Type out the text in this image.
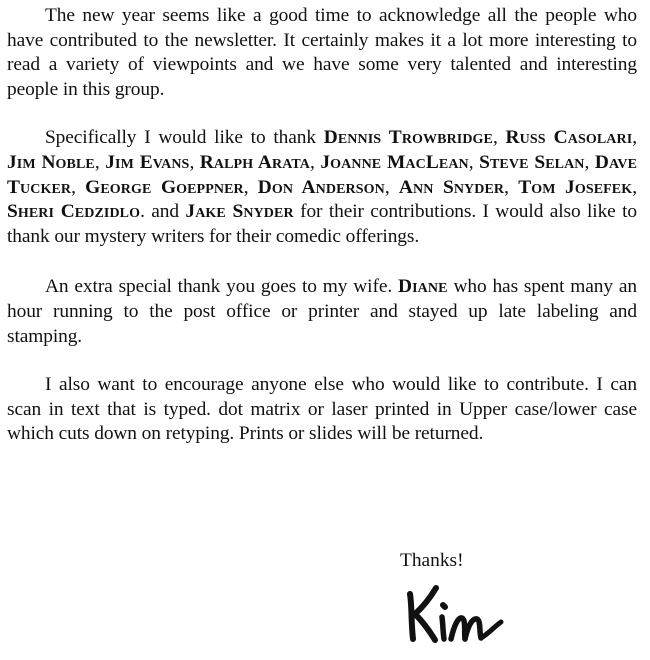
The new year seems like a good time to acknowledge all the people who have contributed to the newsletter. It certainly makes it a lot more interesting to read a variety of viewpoints and we have some very talented and interesting people in this group.

Specifically I would like to thank Dennis Trowbridge, Russ Casolari, Jim Noble, Jim Evans, Ralph Arata, Joanne MacLean, Steve Selan, Dave Tucker, George Goeppner, Don Anderson, Ann Snyder, Tom Josefek, Sheri Cedzidlo. and Jake Snyder for their contributions. I would also like to thank our mystery writers for their comedic offerings.

An extra special thank you goes to my wife. Diane who has spent many an hour running to the post office or printer and stayed up late labeling and stamping.

I also want to encourage anyone else who would like to contribute. I can scan in text that is typed. dot matrix or laser printed in Upper case/lower case which cuts down on retyping. Prints or slides will be returned.

Thanks!
